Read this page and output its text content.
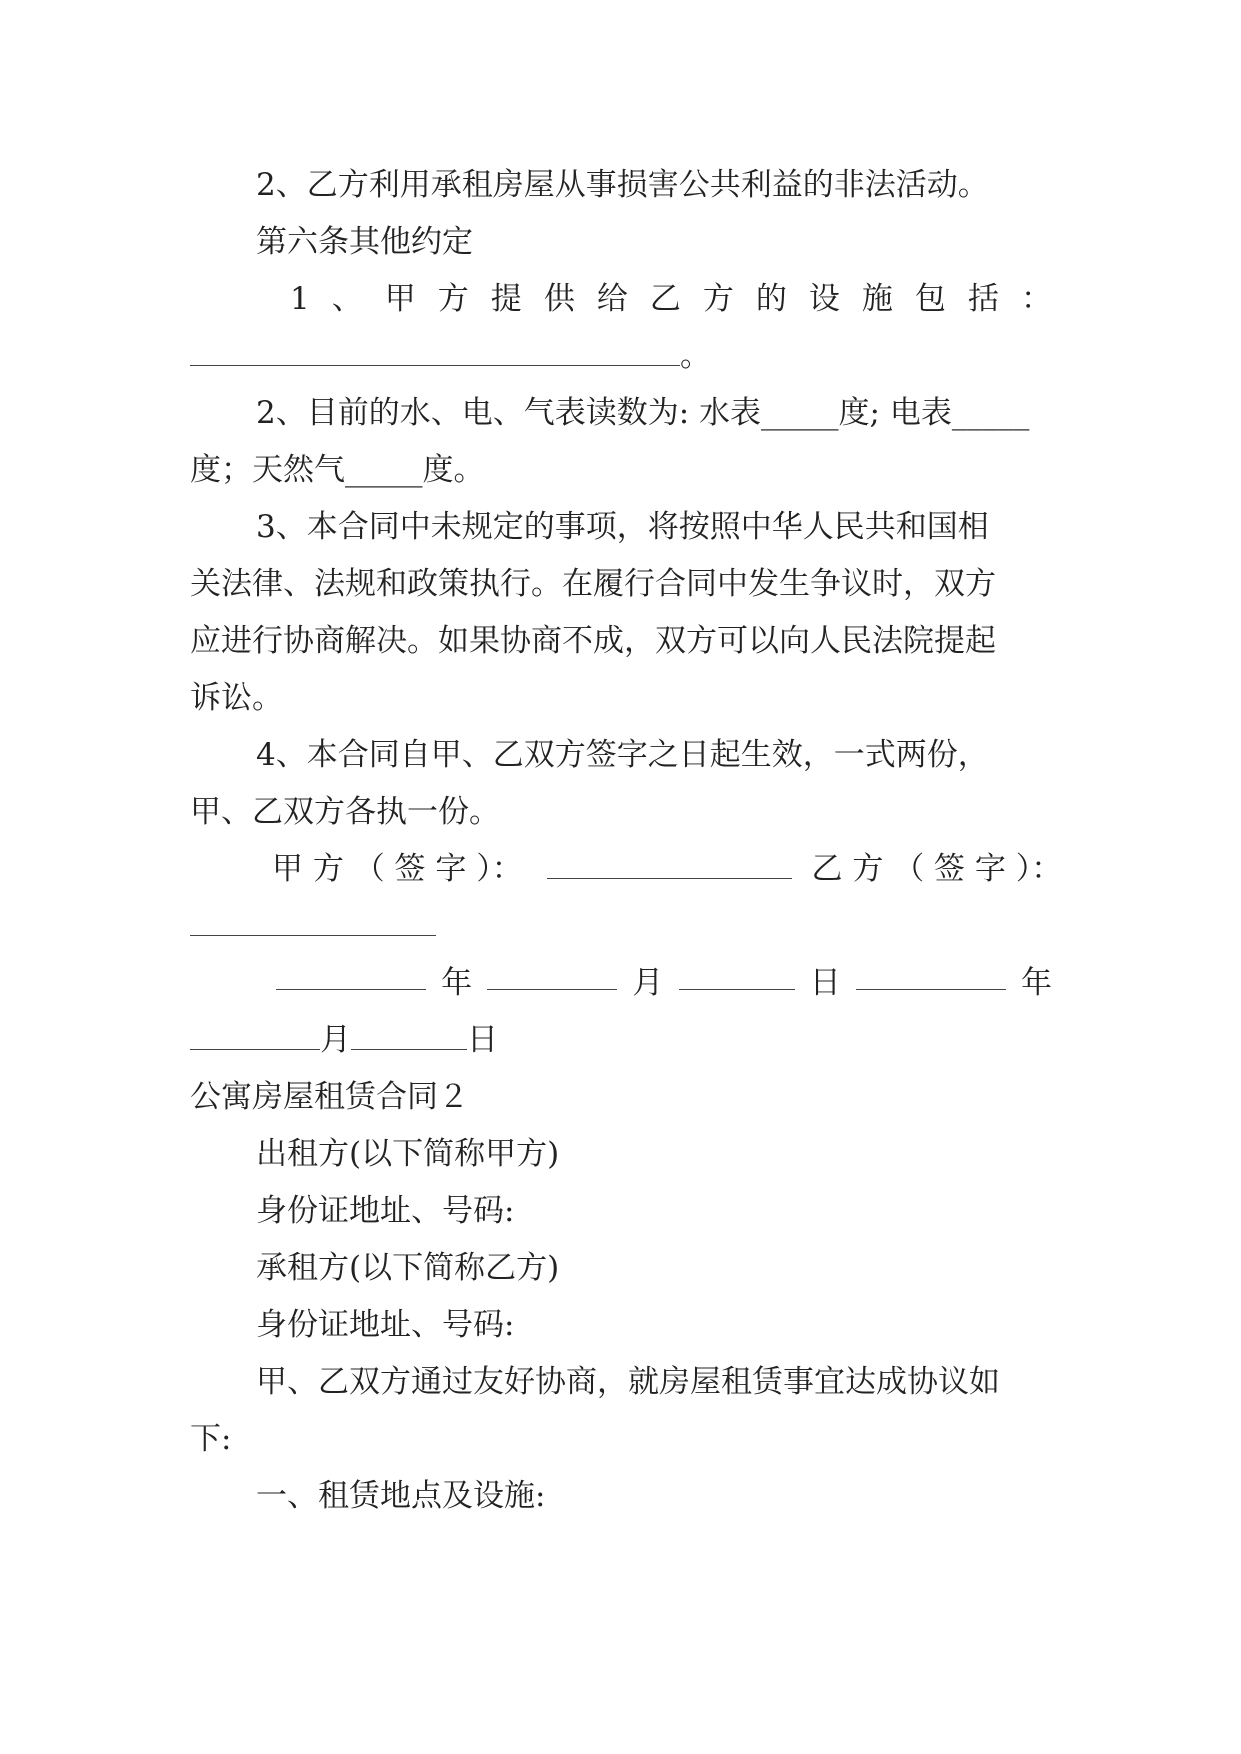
2、乙方利用承租房屋从事损害公共利益的非法活动。
第六条其他约定
1 、 甲 方 提 供 给 乙 方 的 设 施 包 括 ：
。
2、目前的水、电、气表读数为: 水表_____度; 电表_____
度；天然气_____度。
3、本合同中未规定的事项，将按照中华人民共和国相
关法律、法规和政策执行。在履行合同中发生争议时，双方
应进行协商解决。如果协商不成，双方可以向人民法院提起
诉讼。
4、本合同自甲、乙双方签字之日起生效，一式两份，
甲、乙双方各执一份。
甲 方 （ 签 字 ）：	乙 方 （ 签 字 ）：
年	月	日	年
月	日
公寓房屋租赁合同２
出租方(以下简称甲方)
身份证地址、号码:
承租方(以下简称乙方)
身份证地址、号码:
甲、乙双方通过友好协商，就房屋租赁事宜达成协议如
下:
一、租赁地点及设施:
